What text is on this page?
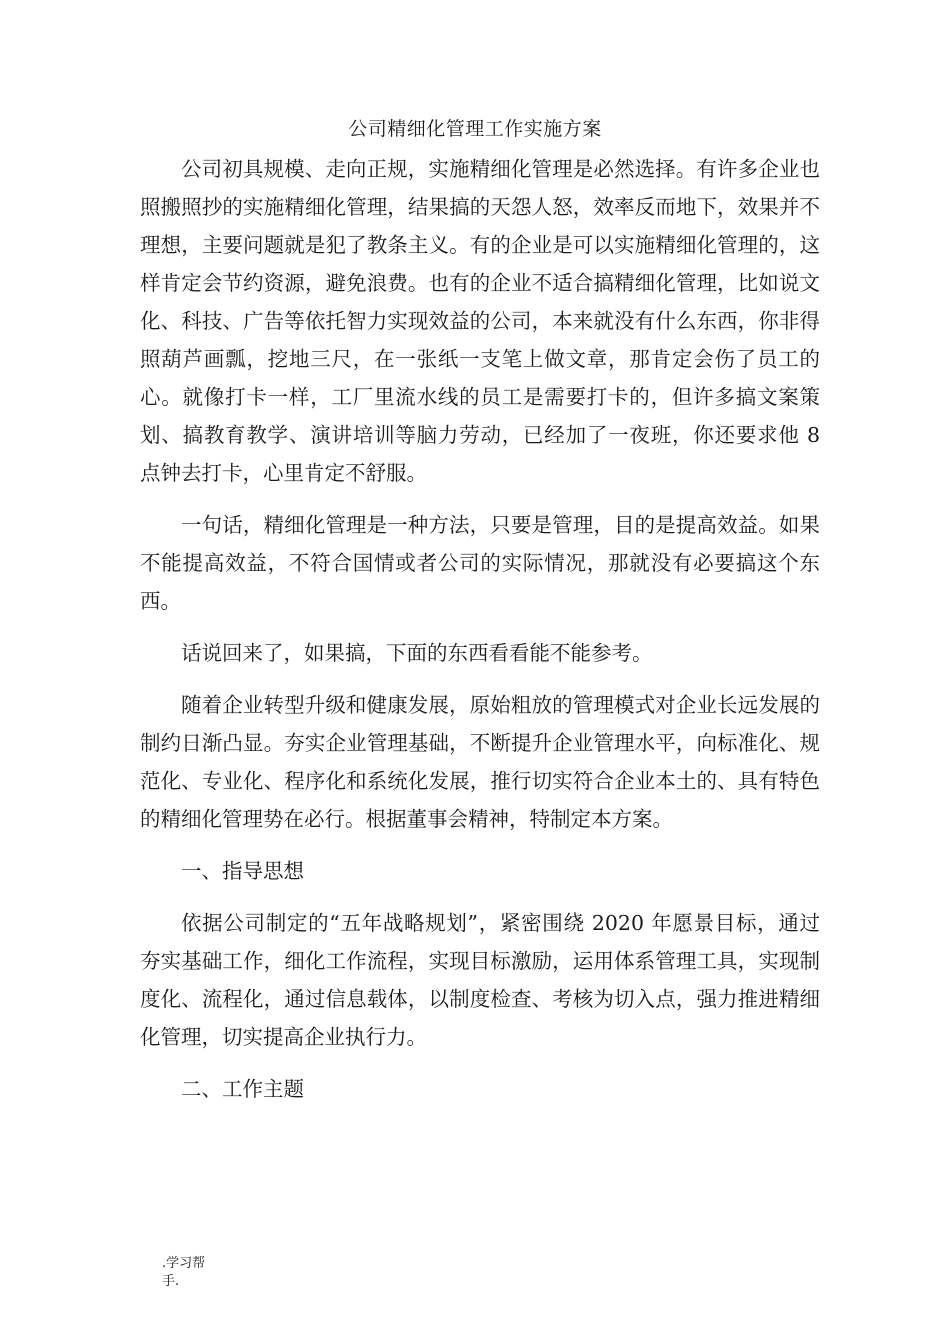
公司精细化管理工作实施方案

公司初具规模、走向正规，实施精细化管理是必然选择。有许多企业也照搬照抄的实施精细化管理，结果搞的天怨人怒，效率反而地下，效果并不理想，主要问题就是犯了教条主义。有的企业是可以实施精细化管理的，这样肯定会节约资源，避免浪费。也有的企业不适合搞精细化管理，比如说文化、科技、广告等依托智力实现效益的公司，本来就没有什么东西，你非得照葫芦画瓢，挖地三尺，在一张纸一支笔上做文章，那肯定会伤了员工的心。就像打卡一样，工厂里流水线的员工是需要打卡的，但许多搞文案策划、搞教育教学、演讲培训等脑力劳动，已经加了一夜班，你还要求他 8 点钟去打卡，心里肯定不舒服。

一句话，精细化管理是一种方法，只要是管理，目的是提高效益。如果不能提高效益，不符合国情或者公司的实际情况，那就没有必要搞这个东西。

话说回来了，如果搞，下面的东西看看能不能参考。

随着企业转型升级和健康发展，原始粗放的管理模式对企业长远发展的制约日渐凸显。夯实企业管理基础，不断提升企业管理水平，向标准化、规范化、专业化、程序化和系统化发展，推行切实符合企业本土的、具有特色的精细化管理势在必行。根据董事会精神，特制定本方案。

一、指导思想

依据公司制定的“五年战略规划”，紧密围绕 2020 年愿景目标，通过夯实基础工作，细化工作流程，实现目标激励，运用体系管理工具，实现制度化、流程化，通过信息载体，以制度检查、考核为切入点，强力推进精细化管理，切实提高企业执行力。

二、工作主题

.学习帮
手.
